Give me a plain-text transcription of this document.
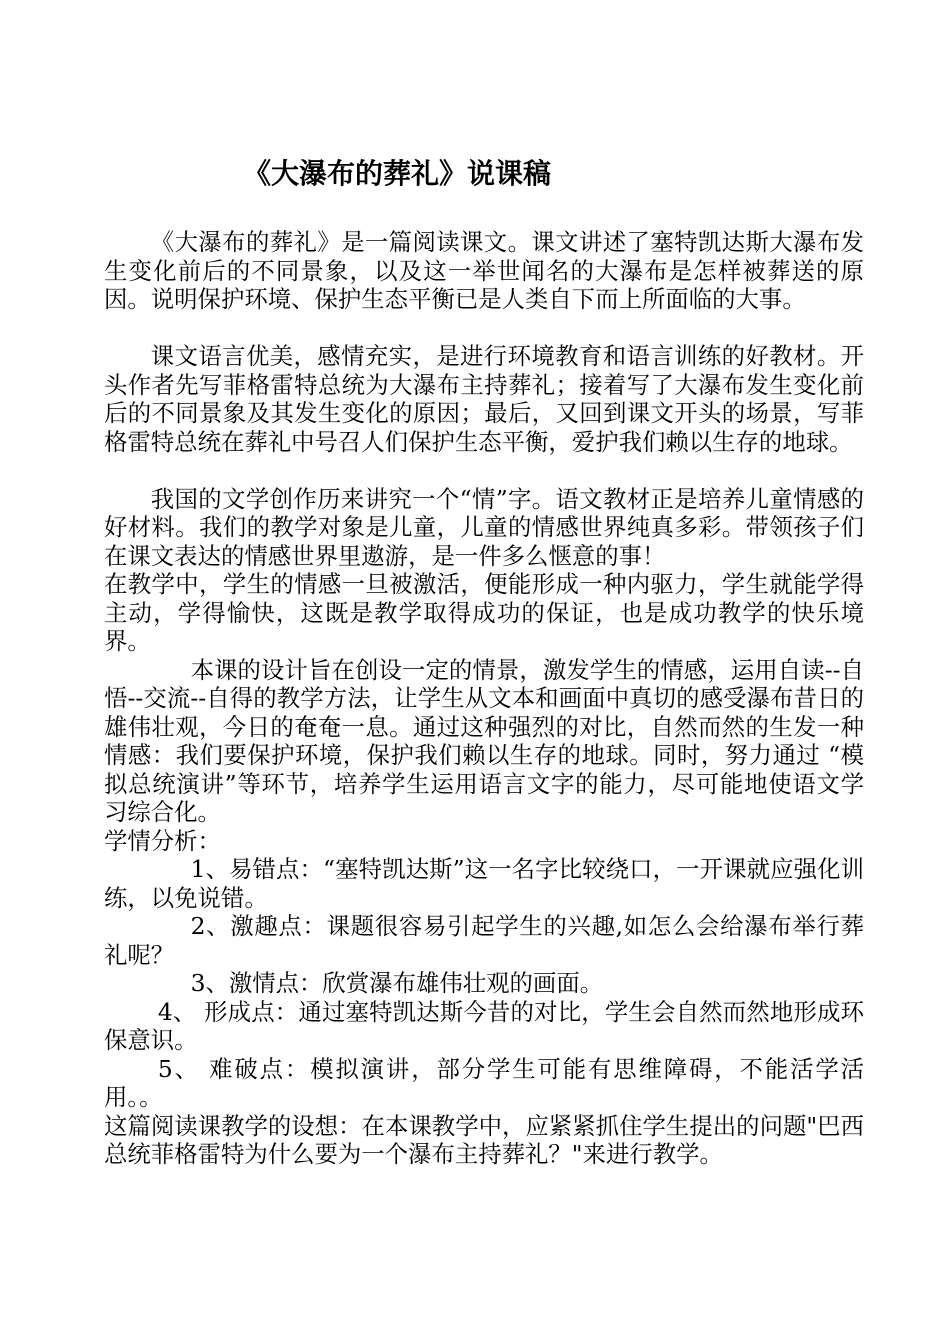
《大瀑布的葬礼》说课稿

《大瀑布的葬礼》是一篇阅读课文。课文讲述了塞特凯达斯大瀑布发生变化前后的不同景象，以及这一举世闻名的大瀑布是怎样被葬送的原因。说明保护环境、保护生态平衡已是人类自下而上所面临的大事。

课文语言优美，感情充实，是进行环境教育和语言训练的好教材。开头作者先写菲格雷特总统为大瀑布主持葬礼；接着写了大瀑布发生变化前后的不同景象及其发生变化的原因；最后，又回到课文开头的场景，写菲格雷特总统在葬礼中号召人们保护生态平衡，爱护我们赖以生存的地球。

我国的文学创作历来讲究一个“情”字。语文教材正是培养儿童情感的好材料。我们的教学对象是儿童，儿童的情感世界纯真多彩。带领孩子们在课文表达的情感世界里遨游，是一件多么惬意的事！

在教学中，学生的情感一旦被激活，便能形成一种内驱力，学生就能学得主动，学得愉快，这既是教学取得成功的保证，也是成功教学的快乐境界。

本课的设计旨在创设一定的情景，激发学生的情感，运用自读--自悟--交流--自得的教学方法，让学生从文本和画面中真切的感受瀑布昔日的雄伟壮观，今日的奄奄一息。通过这种强烈的对比，自然而然的生发一种情感：我们要保护环境，保护我们赖以生存的地球。同时，努力通过 “模拟总统演讲”等环节，培养学生运用语言文字的能力，尽可能地使语文学习综合化。

学情分析：

1、易错点：“塞特凯达斯”这一名字比较绕口，一开课就应强化训练，以免说错。

2、激趣点：课题很容易引起学生的兴趣,如怎么会给瀑布举行葬礼呢？

3、激情点：欣赏瀑布雄伟壮观的画面。

4、 形成点：通过塞特凯达斯今昔的对比，学生会自然而然地形成环保意识。

5、 难破点：模拟演讲，部分学生可能有思维障碍，不能活学活用。。

这篇阅读课教学的设想：在本课教学中，应紧紧抓住学生提出的问题"巴西总统菲格雷特为什么要为一个瀑布主持葬礼？"来进行教学。
